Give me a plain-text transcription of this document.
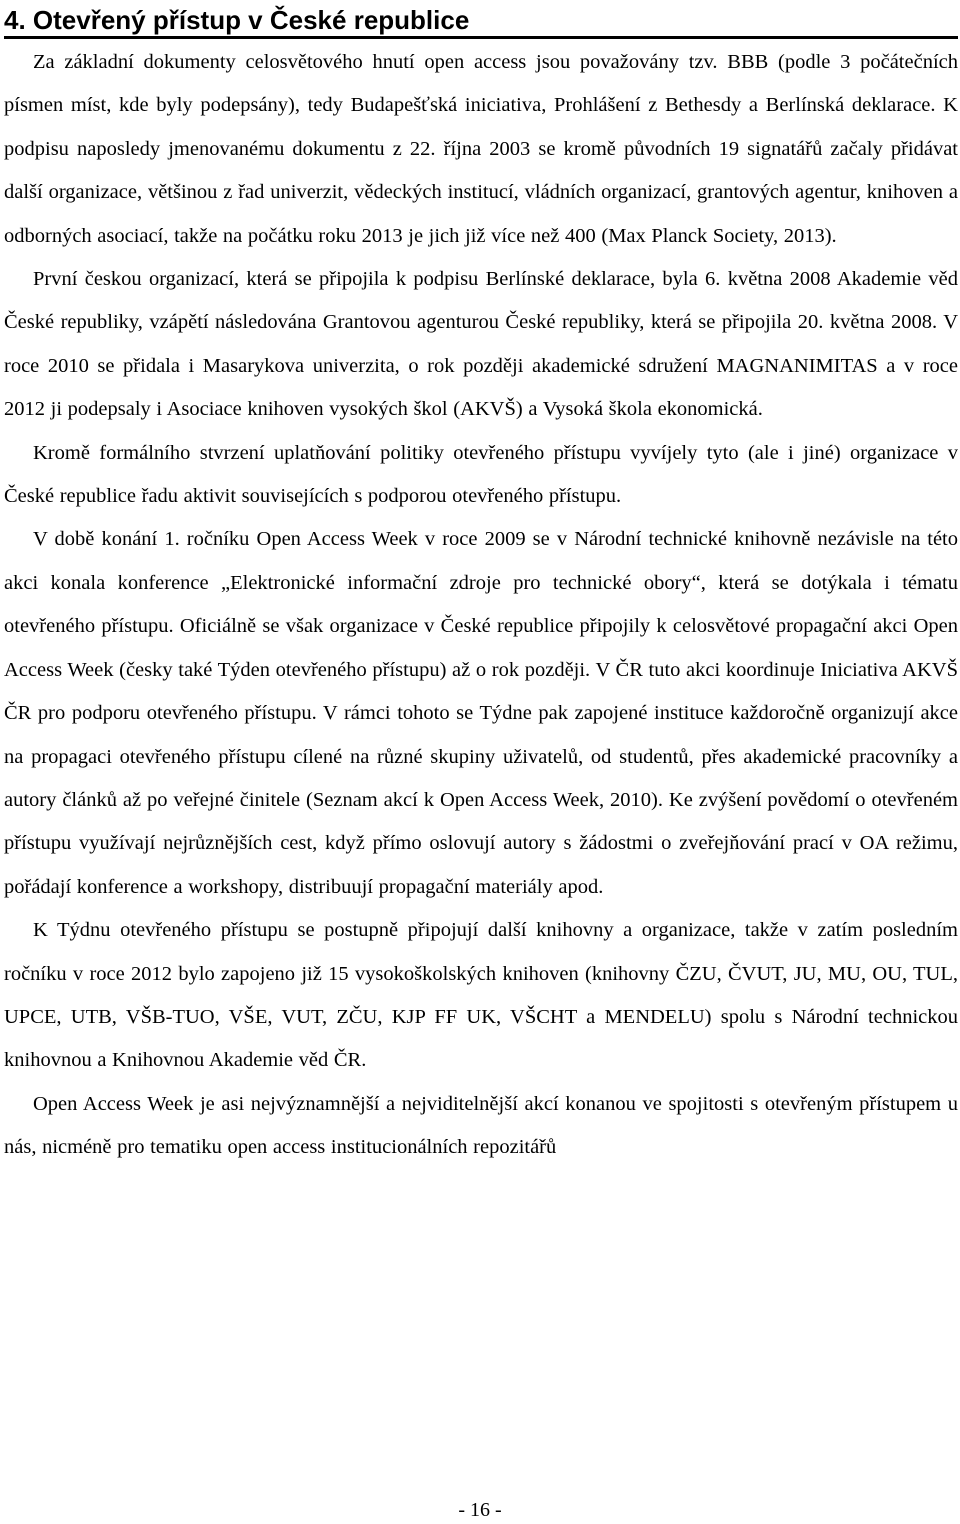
4. Otevřený přístup v České republice

Za základní dokumenty celosvětového hnutí open access jsou považovány tzv. BBB (podle 3 počátečních písmen míst, kde byly podepsány), tedy Budapešťská iniciativa, Prohlášení z Bethesdy a Berlínská deklarace. K podpisu naposledy jmenovanému dokumentu z 22. října 2003 se kromě původních 19 signatářů začaly přidávat další organizace, většinou z řad univerzit, vědeckých institucí, vládních organizací, grantových agentur, knihoven a odborných asociací, takže na počátku roku 2013 je jich již více než 400 (Max Planck Society, 2013).

První českou organizací, která se připojila k podpisu Berlínské deklarace, byla 6. května 2008 Akademie věd České republiky, vzápětí následována Grantovou agenturou České republiky, která se připojila 20. května 2008. V roce 2010 se přidala i Masarykova univerzita, o rok později akademické sdružení MAGNANIMITAS a v roce 2012 ji podepsaly i Asociace knihoven vysokých škol (AKVŠ) a Vysoká škola ekonomická.

Kromě formálního stvrzení uplatňování politiky otevřeného přístupu vyvíjely tyto (ale i jiné) organizace v České republice řadu aktivit souvisejících s podporou otevřeného přístupu.

V době konání 1. ročníku Open Access Week v roce 2009 se v Národní technické knihovně nezávisle na této akci konala konference „Elektronické informační zdroje pro technické obory“, která se dotýkala i tématu otevřeného přístupu. Oficiálně se však organizace v České republice připojily k celosvětové propagační akci Open Access Week (česky také Týden otevřeného přístupu) až o rok později. V ČR tuto akci koordinuje Iniciativa AKVŠ ČR pro podporu otevřeného přístupu. V rámci tohoto se Týdne pak zapojené instituce každoročně organizují akce na propagaci otevřeného přístupu cílené na různé skupiny uživatelů, od studentů, přes akademické pracovníky a autory článků až po veřejné činitele (Seznam akcí k Open Access Week, 2010). Ke zvýšení povědomí o otevřeném přístupu využívají nejrůznějších cest, když přímo oslovují autory s žádostmi o zveřejňování prací v OA režimu, pořádají konference a workshopy, distribuují propagační materiály apod.

K Týdnu otevřeného přístupu se postupně připojují další knihovny a organizace, takže v zatím posledním ročníku v roce 2012 bylo zapojeno již 15 vysokoškolských knihoven (knihovny ČZU, ČVUT, JU, MU, OU, TUL, UPCE, UTB, VŠB-TUO, VŠE, VUT, ZČU, KJP FF UK, VŠCHT a MENDELU) spolu s Národní technickou knihovnou a Knihovnou Akademie věd ČR.

Open Access Week je asi nejvýznamnější a nejviditelnější akcí konanou ve spojitosti s otevřeným přístupem u nás, nicméně pro tematiku open access institucionálních repozitářů

- 16 -
